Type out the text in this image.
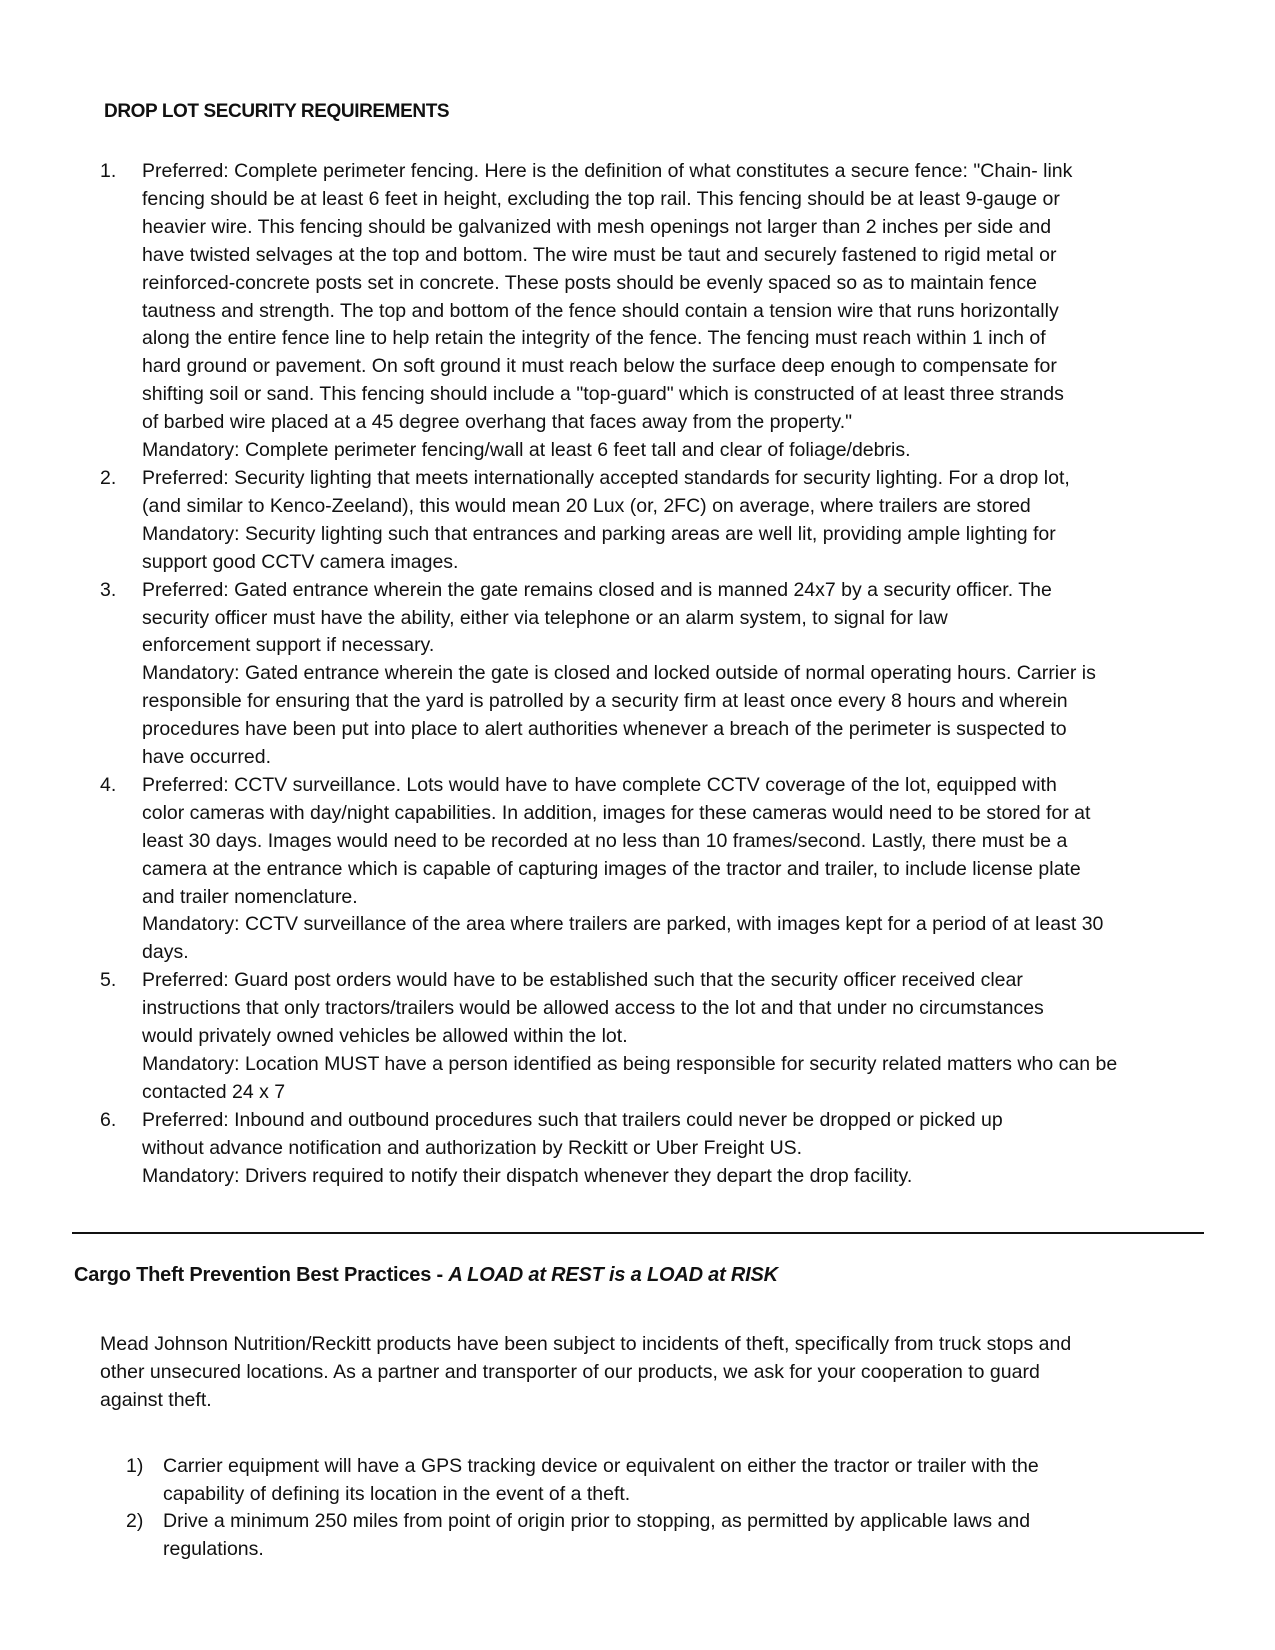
DROP LOT SECURITY REQUIREMENTS
1. Preferred: Complete perimeter fencing. Here is the definition of what constitutes a secure fence: "Chain- link
fencing should be at least 6 feet in height, excluding the top rail. This fencing should be at least 9-gauge or
heavier wire. This fencing should be galvanized with mesh openings not larger than 2 inches per side and
have twisted selvages at the top and bottom. The wire must be taut and securely fastened to rigid metal or
reinforced-concrete posts set in concrete. These posts should be evenly spaced so as to maintain fence
tautness and strength. The top and bottom of the fence should contain a tension wire that runs horizontally
along the entire fence line to help retain the integrity of the fence. The fencing must reach within 1 inch of
hard ground or pavement. On soft ground it must reach below the surface deep enough to compensate for
shifting soil or sand. This fencing should include a "top-guard" which is constructed of at least three strands
of barbed wire placed at a 45 degree overhang that faces away from the property."
Mandatory: Complete perimeter fencing/wall at least 6 feet tall and clear of foliage/debris.
2. Preferred: Security lighting that meets internationally accepted standards for security lighting. For a drop lot,
(and similar to Kenco-Zeeland), this would mean 20 Lux (or, 2FC) on average, where trailers are stored
Mandatory: Security lighting such that entrances and parking areas are well lit, providing ample lighting for
support good CCTV camera images.
3. Preferred: Gated entrance wherein the gate remains closed and is manned 24x7 by a security officer. The
security officer must have the ability, either via telephone or an alarm system, to signal for law
enforcement support if necessary.
Mandatory: Gated entrance wherein the gate is closed and locked outside of normal operating hours. Carrier is
responsible for ensuring that the yard is patrolled by a security firm at least once every 8 hours and wherein
procedures have been put into place to alert authorities whenever a breach of the perimeter is suspected to
have occurred.
4. Preferred: CCTV surveillance. Lots would have to have complete CCTV coverage of the lot, equipped with
color cameras with day/night capabilities. In addition, images for these cameras would need to be stored for at
least 30 days. Images would need to be recorded at no less than 10 frames/second. Lastly, there must be a
camera at the entrance which is capable of capturing images of the tractor and trailer, to include license plate
and trailer nomenclature.
Mandatory: CCTV surveillance of the area where trailers are parked, with images kept for a period of at least 30
days.
5. Preferred: Guard post orders would have to be established such that the security officer received clear
instructions that only tractors/trailers would be allowed access to the lot and that under no circumstances
would privately owned vehicles be allowed within the lot.
Mandatory: Location MUST have a person identified as being responsible for security related matters who can be
contacted 24 x 7
6. Preferred: Inbound and outbound procedures such that trailers could never be dropped or picked up
without advance notification and authorization by Reckitt or Uber Freight US.
Mandatory: Drivers required to notify their dispatch whenever they depart the drop facility.
Cargo Theft Prevention Best Practices - A LOAD at REST is a LOAD at RISK
Mead Johnson Nutrition/Reckitt products have been subject to incidents of theft, specifically from truck stops and
other unsecured locations. As a partner and transporter of our products, we ask for your cooperation to guard
against theft.
1) Carrier equipment will have a GPS tracking device or equivalent on either the tractor or trailer with the
capability of defining its location in the event of a theft.
2) Drive a minimum 250 miles from point of origin prior to stopping, as permitted by applicable laws and
regulations.
